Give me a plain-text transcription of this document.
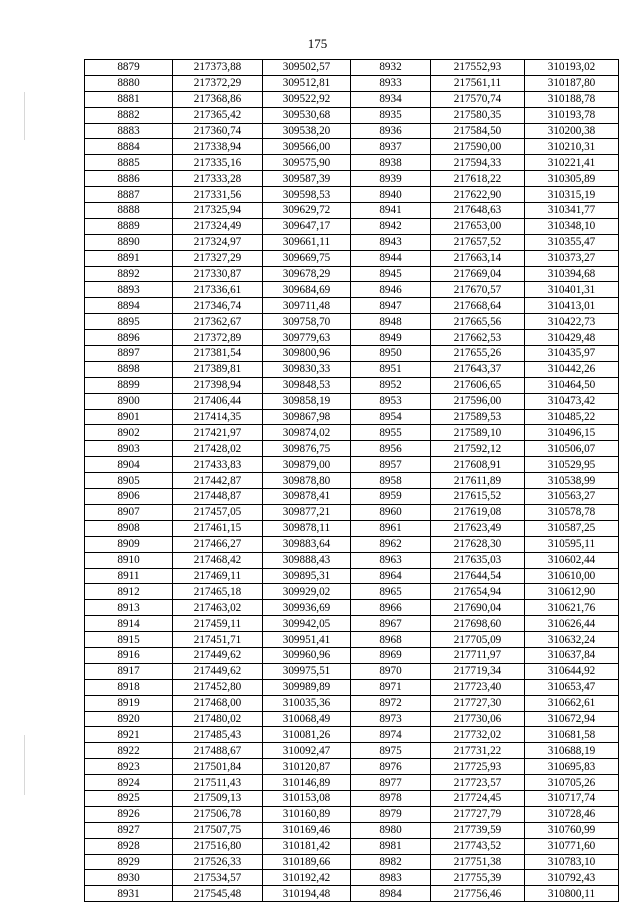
175
8879	217373,88	309502,57	8932	217552,93	310193,02
8880	217372,29	309512,81	8933	217561,11	310187,80
8881	217368,86	309522,92	8934	217570,74	310188,78
8882	217365,42	309530,68	8935	217580,35	310193,78
8883	217360,74	309538,20	8936	217584,50	310200,38
8884	217338,94	309566,00	8937	217590,00	310210,31
8885	217335,16	309575,90	8938	217594,33	310221,41
8886	217333,28	309587,39	8939	217618,22	310305,89
8887	217331,56	309598,53	8940	217622,90	310315,19
8888	217325,94	309629,72	8941	217648,63	310341,77
8889	217324,49	309647,17	8942	217653,00	310348,10
8890	217324,97	309661,11	8943	217657,52	310355,47
8891	217327,29	309669,75	8944	217663,14	310373,27
8892	217330,87	309678,29	8945	217669,04	310394,68
8893	217336,61	309684,69	8946	217670,57	310401,31
8894	217346,74	309711,48	8947	217668,64	310413,01
8895	217362,67	309758,70	8948	217665,56	310422,73
8896	217372,89	309779,63	8949	217662,53	310429,48
8897	217381,54	309800,96	8950	217655,26	310435,97
8898	217389,81	309830,33	8951	217643,37	310442,26
8899	217398,94	309848,53	8952	217606,65	310464,50
8900	217406,44	309858,19	8953	217596,00	310473,42
8901	217414,35	309867,98	8954	217589,53	310485,22
8902	217421,97	309874,02	8955	217589,10	310496,15
8903	217428,02	309876,75	8956	217592,12	310506,07
8904	217433,83	309879,00	8957	217608,91	310529,95
8905	217442,87	309878,80	8958	217611,89	310538,99
8906	217448,87	309878,41	8959	217615,52	310563,27
8907	217457,05	309877,21	8960	217619,08	310578,78
8908	217461,15	309878,11	8961	217623,49	310587,25
8909	217466,27	309883,64	8962	217628,30	310595,11
8910	217468,42	309888,43	8963	217635,03	310602,44
8911	217469,11	309895,31	8964	217644,54	310610,00
8912	217465,18	309929,02	8965	217654,94	310612,90
8913	217463,02	309936,69	8966	217690,04	310621,76
8914	217459,11	309942,05	8967	217698,60	310626,44
8915	217451,71	309951,41	8968	217705,09	310632,24
8916	217449,62	309960,96	8969	217711,97	310637,84
8917	217449,62	309975,51	8970	217719,34	310644,92
8918	217452,80	309989,89	8971	217723,40	310653,47
8919	217468,00	310035,36	8972	217727,30	310662,61
8920	217480,02	310068,49	8973	217730,06	310672,94
8921	217485,43	310081,26	8974	217732,02	310681,58
8922	217488,67	310092,47	8975	217731,22	310688,19
8923	217501,84	310120,87	8976	217725,93	310695,83
8924	217511,43	310146,89	8977	217723,57	310705,26
8925	217509,13	310153,08	8978	217724,45	310717,74
8926	217506,78	310160,89	8979	217727,79	310728,46
8927	217507,75	310169,46	8980	217739,59	310760,99
8928	217516,80	310181,42	8981	217743,52	310771,60
8929	217526,33	310189,66	8982	217751,38	310783,10
8930	217534,57	310192,42	8983	217755,39	310792,43
8931	217545,48	310194,48	8984	217756,46	310800,11
